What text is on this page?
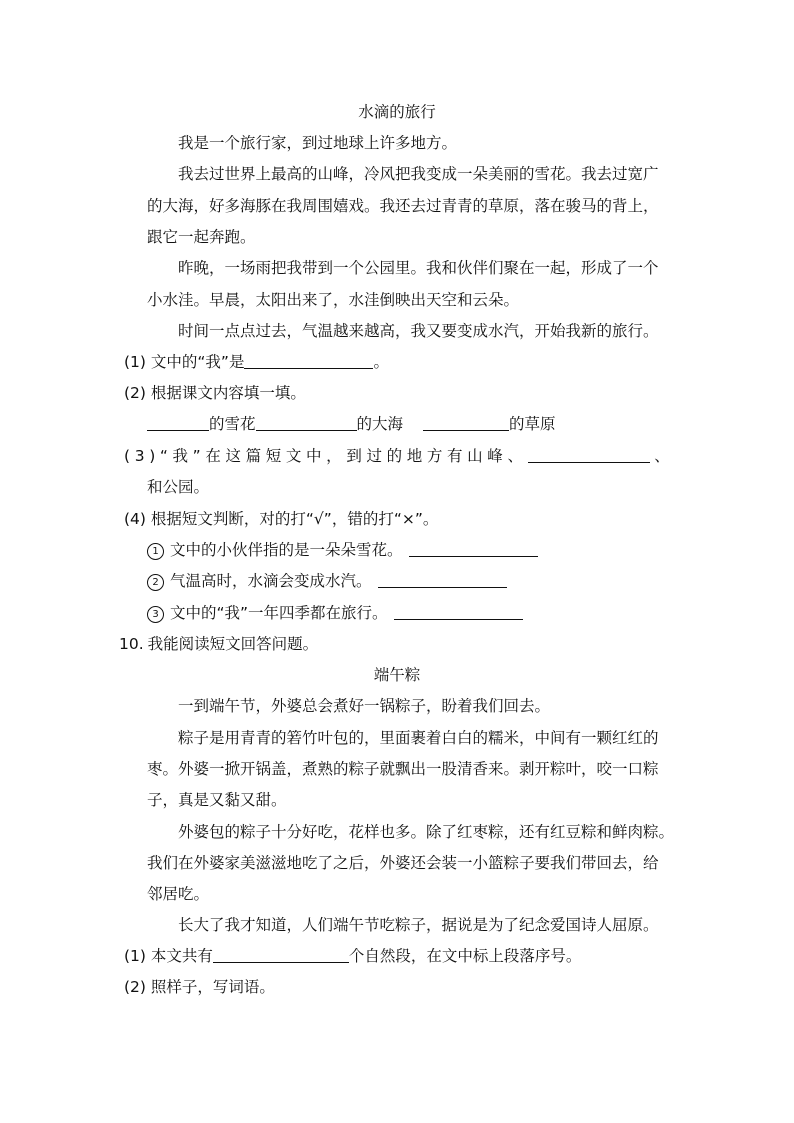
水滴的旅行
我是一个旅行家，到过地球上许多地方。
我去过世界上最高的山峰，冷风把我变成一朵美丽的雪花。我去过宽广
的大海，好多海豚在我周围嬉戏。我还去过青青的草原，落在骏马的背上，
跟它一起奔跑。
昨晚，一场雨把我带到一个公园里。我和伙伴们聚在一起，形成了一个
小水洼。早晨，太阳出来了，水洼倒映出天空和云朵。
时间一点点过去，气温越来越高，我又要变成水汽，开始我新的旅行。
(1) 文中的“我”是	。
(2) 根据课文内容填一填。
的雪花	的大海	的草原
( 3 ) “ 我 ” 在 这 篇 短 文 中 ， 到 过 的 地 方 有 山 峰 、	、
和公园。
(4) 根据短文判断，对的打“√”，错的打“×”。
1 文中的小伙伴指的是一朵朵雪花。
2 气温高时，水滴会变成水汽。
3 文中的“我”一年四季都在旅行。
10. 我能阅读短文回答问题。
端午粽
一到端午节，外婆总会煮好一锅粽子，盼着我们回去。
粽子是用青青的箬竹叶包的，里面裹着白白的糯米，中间有一颗红红的
枣。外婆一掀开锅盖，煮熟的粽子就飘出一股清香来。剥开粽叶，咬一口粽
子，真是又黏又甜。
外婆包的粽子十分好吃，花样也多。除了红枣粽，还有红豆粽和鲜肉粽。
我们在外婆家美滋滋地吃了之后，外婆还会装一小篮粽子要我们带回去，给
邻居吃。
长大了我才知道，人们端午节吃粽子，据说是为了纪念爱国诗人屈原。
(1) 本文共有	个自然段，在文中标上段落序号。
(2) 照样子，写词语。
